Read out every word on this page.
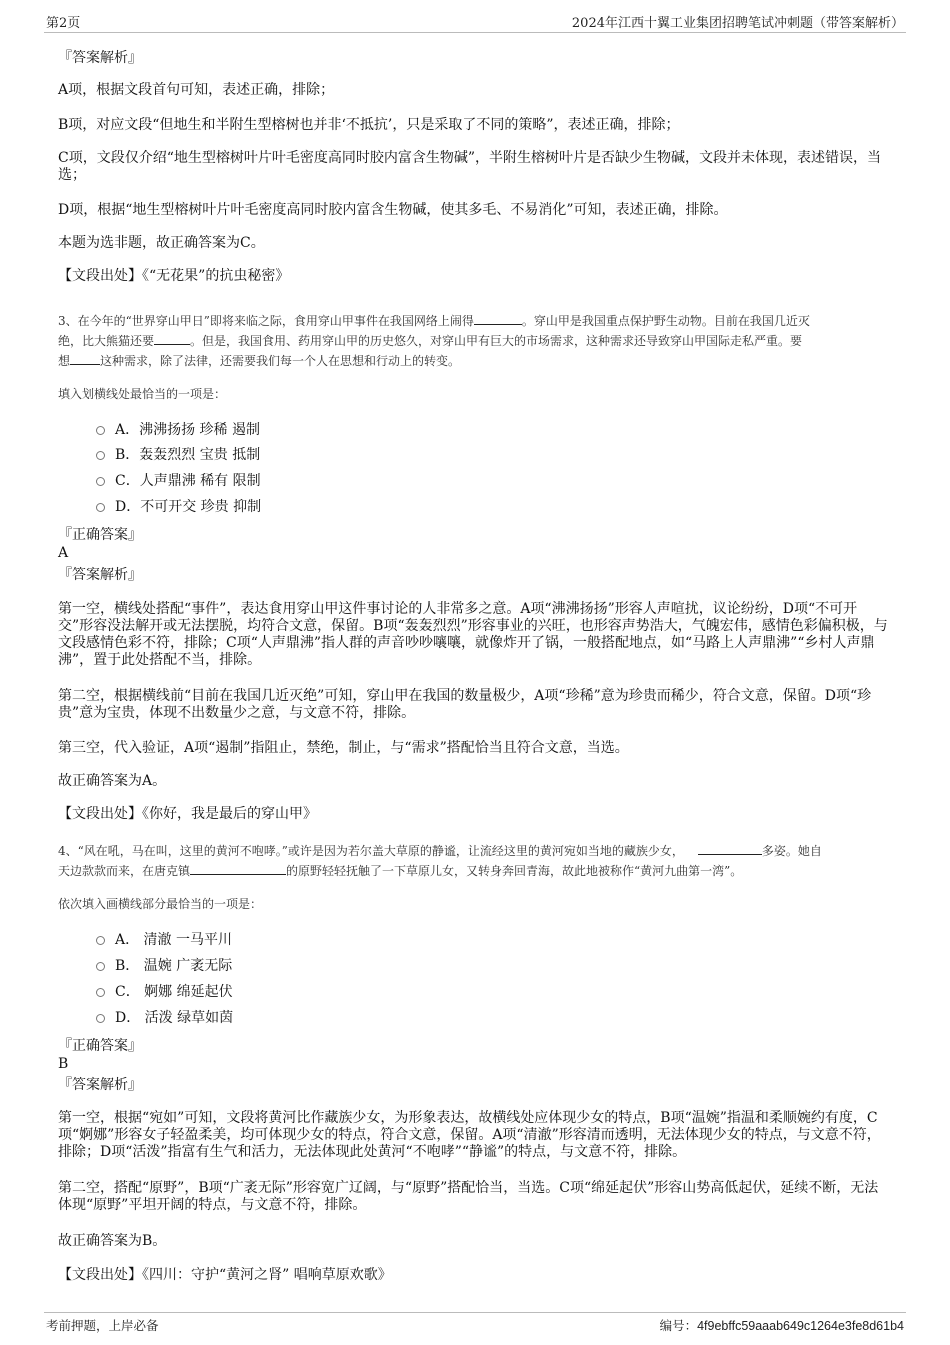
第2页	2024年江西十翼工业集团招聘笔试冲刺题（带答案解析）
『答案解析』
A项，根据文段首句可知，表述正确，排除；
B项，对应文段“但地生和半附生型榕树也并非‘不抵抗’，只是采取了不同的策略”，表述正确，排除；
C项，文段仅介绍“地生型榕树叶片叶毛密度高同时胶内富含生物碱”，半附生榕树叶片是否缺少生物碱，文段并未体现，表述错误，当选；
D项，根据“地生型榕树叶片叶毛密度高同时胶内富含生物碱，使其多毛、不易消化”可知，表述正确，排除。
本题为选非题，故正确答案为C。
【文段出处】《“无花果”的抗虫秘密》
3、在今年的“世界穿山甲日”即将来临之际，食用穿山甲事件在我国网络上闹得	。穿山甲是我国重点保护野生动物。目前在我国几近灭
绝，比大熊猫还要	。但是，我国食用、药用穿山甲的历史悠久，对穿山甲有巨大的市场需求，这种需求还导致穿山甲国际走私严重。要
想	这种需求，除了法律，还需要我们每一个人在思想和行动上的转变。
填入划横线处最恰当的一项是：
A．沸沸扬扬 珍稀 遏制
B．轰轰烈烈 宝贵 抵制
C．人声鼎沸 稀有 限制
D．不可开交 珍贵 抑制
『正确答案』
A
『答案解析』
第一空，横线处搭配“事件”，表达食用穿山甲这件事讨论的人非常多之意。A项“沸沸扬扬”形容人声喧扰，议论纷纷，D项“不可开交”形容没法解开或无法摆脱，均符合文意，保留。B项“轰轰烈烈”形容事业的兴旺，也形容声势浩大，气魄宏伟，感情色彩偏积极，与文段感情色彩不符，排除；C项“人声鼎沸”指人群的声音吵吵嚷嚷，就像炸开了锅，一般搭配地点，如“马路上人声鼎沸”“乡村人声鼎沸”，置于此处搭配不当，排除。
第二空，根据横线前“目前在我国几近灭绝”可知，穿山甲在我国的数量极少，A项“珍稀”意为珍贵而稀少，符合文意，保留。D项“珍贵”意为宝贵，体现不出数量少之意，与文意不符，排除。
第三空，代入验证，A项“遏制”指阻止，禁绝，制止，与“需求”搭配恰当且符合文意，当选。
故正确答案为A。
【文段出处】《你好，我是最后的穿山甲》
4、“风在吼，马在叫，这里的黄河不咆哮。”或许是因为若尔盖大草原的静谧，让流经这里的黄河宛如当地的藏族少女，	多姿。她自
天边款款而来，在唐克镇	的原野轻轻抚触了一下草原儿女，又转身奔回青海，故此地被称作“黄河九曲第一湾”。
依次填入画横线部分最恰当的一项是：
A． 清澈 一马平川
B． 温婉 广袤无际
C． 婀娜 绵延起伏
D． 活泼 绿草如茵
『正确答案』
B
『答案解析』
第一空，根据“宛如”可知，文段将黄河比作藏族少女，为形象表达，故横线处应体现少女的特点，B项“温婉”指温和柔顺婉约有度，C项“婀娜”形容女子轻盈柔美，均可体现少女的特点，符合文意，保留。A项“清澈”形容清而透明，无法体现少女的特点，与文意不符，排除；D项“活泼”指富有生气和活力，无法体现此处黄河“不咆哮”“静谧”的特点，与文意不符，排除。
第二空，搭配“原野”，B项“广袤无际”形容宽广辽阔，与“原野”搭配恰当，当选。C项“绵延起伏”形容山势高低起伏，延续不断，无法体现“原野”平坦开阔的特点，与文意不符，排除。
故正确答案为B。
【文段出处】《四川：守护“黄河之肾” 唱响草原欢歌》
考前押题，上岸必备	编号：4f9ebffc59aaab649c1264e3fe8d61b4
